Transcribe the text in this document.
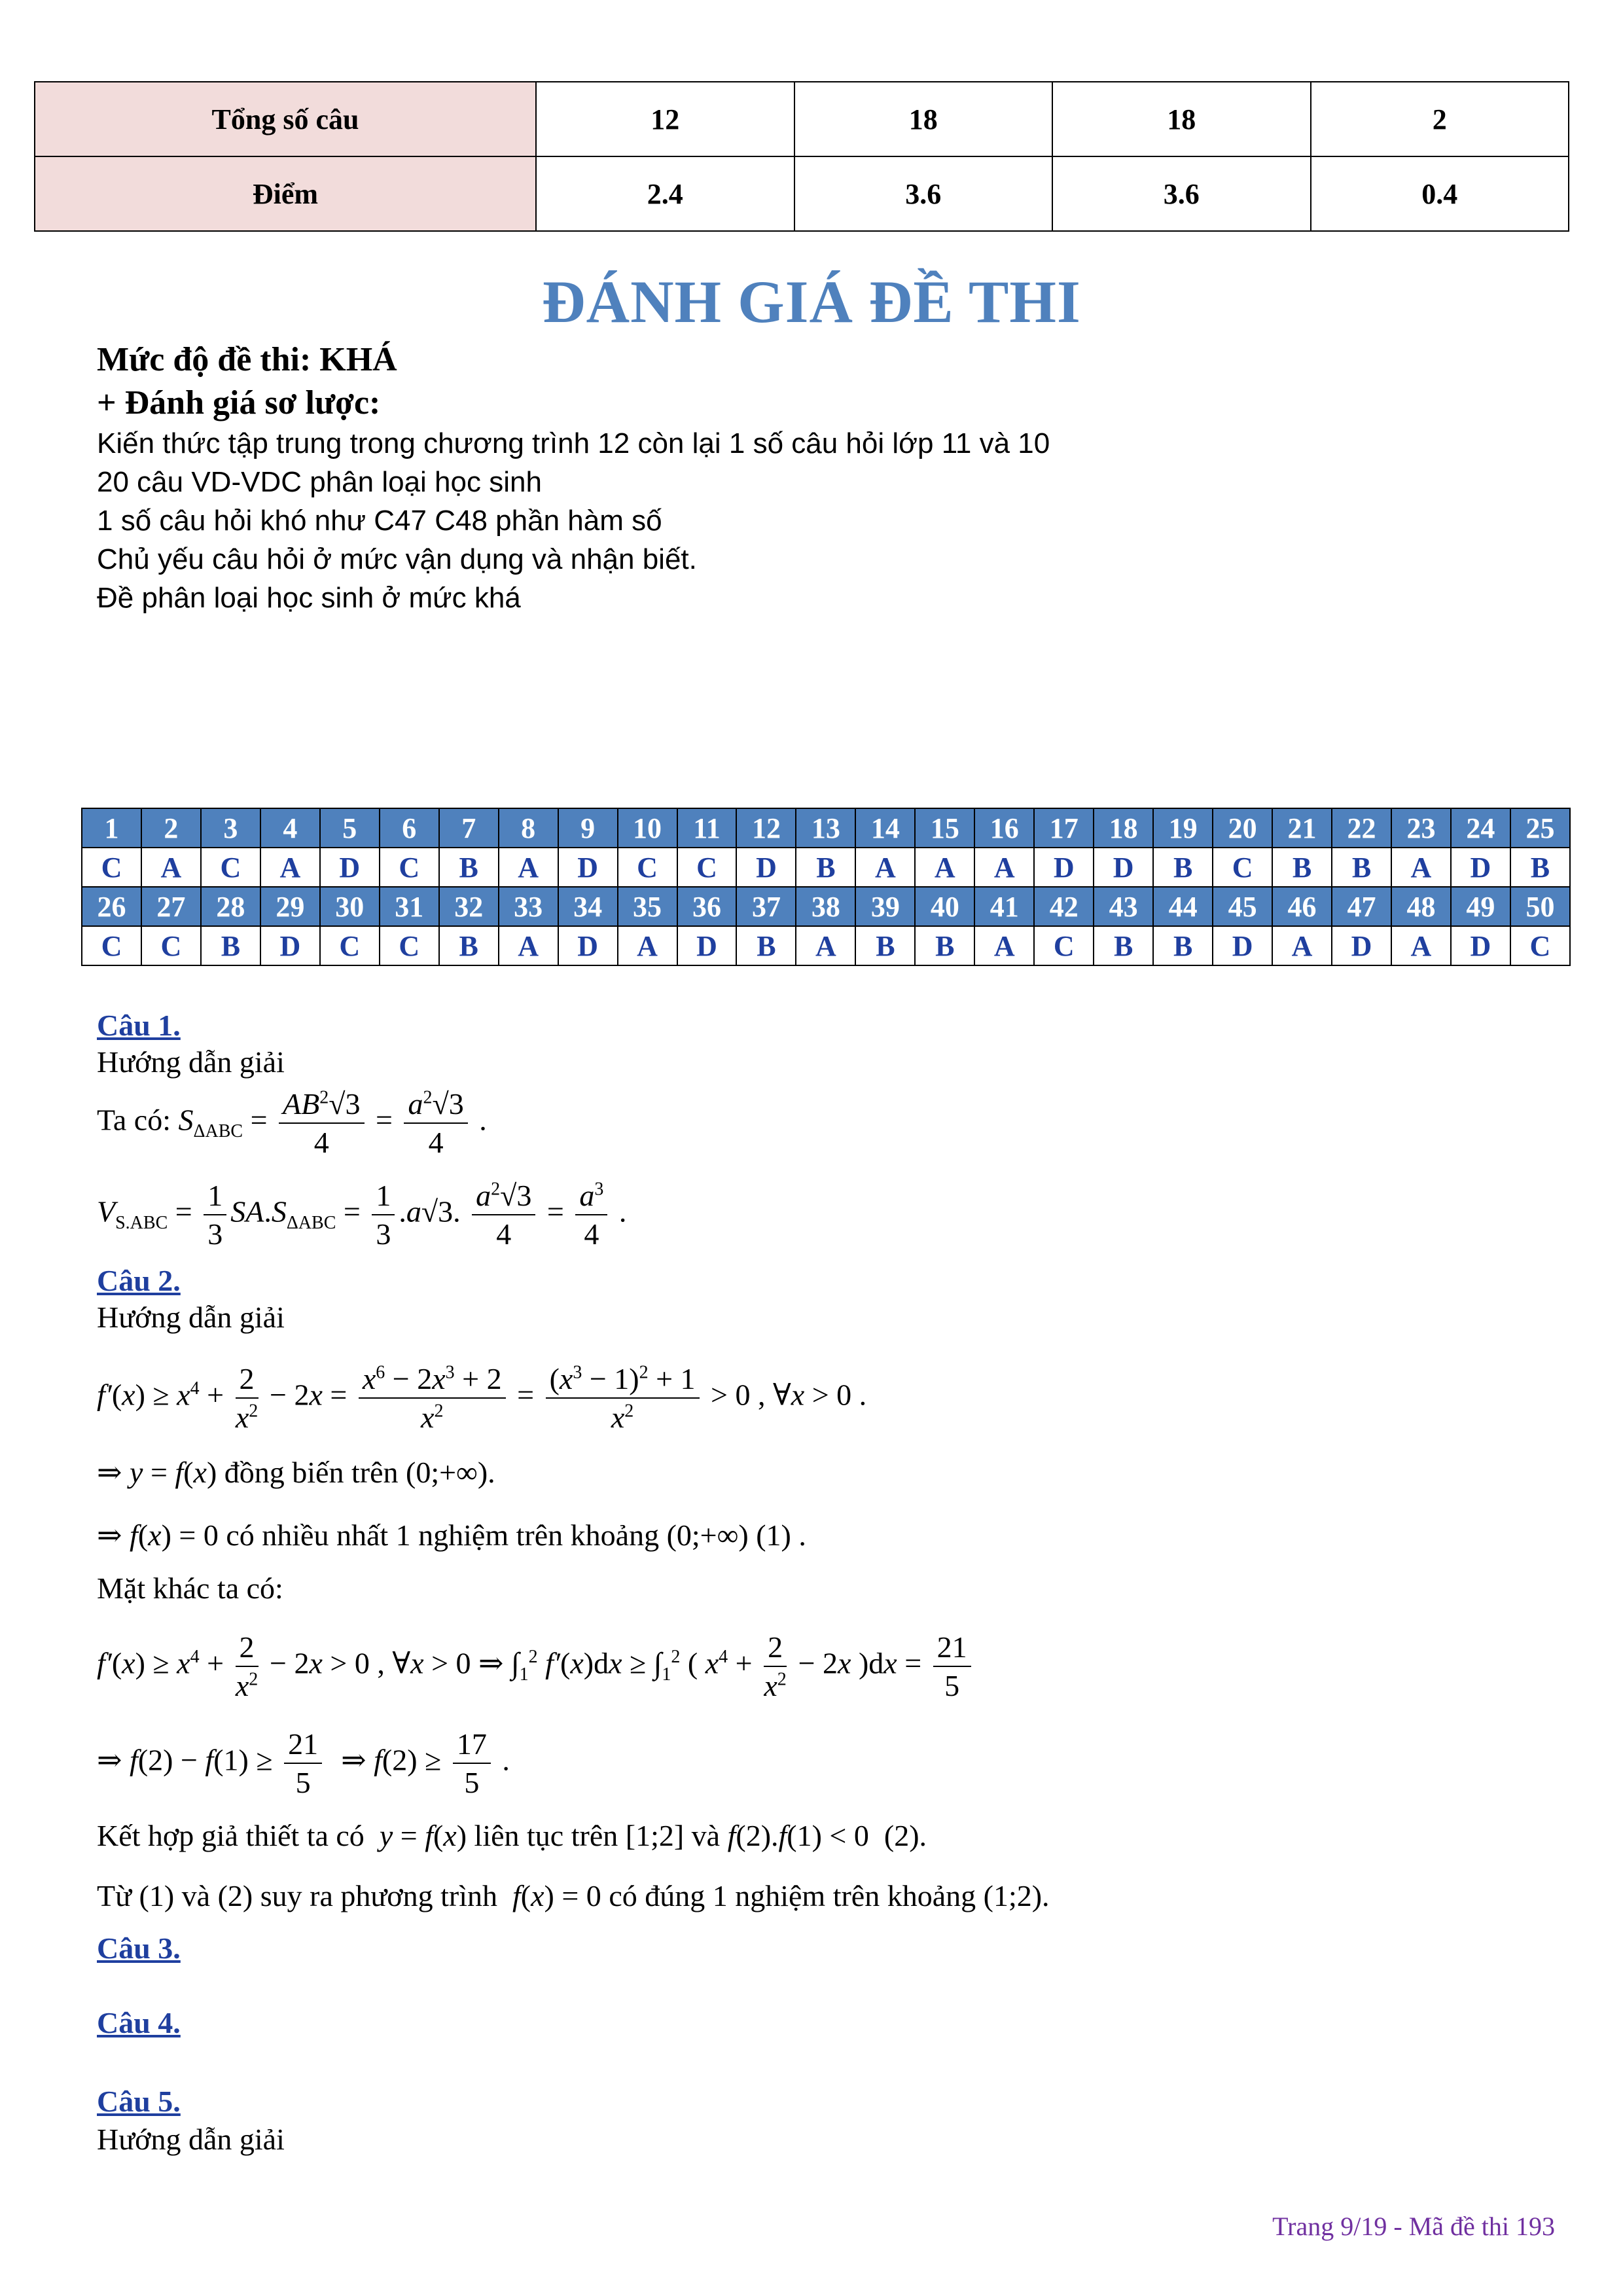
Tổng số câu	12	18	18	2
Điểm	2.4	3.6	3.6	0.4
ĐÁNH GIÁ ĐỀ THI
Mức độ đề thi: KHÁ
+ Đánh giá sơ lược:
Kiến thức tập trung trong chương trình 12 còn lại 1 số câu hỏi lớp 11 và 10
20 câu VD-VDC phân loại học sinh
1 số câu hỏi khó như C47 C48 phần hàm số
Chủ yếu câu hỏi ở mức vận dụng và nhận biết.
Đề phân loại học sinh ở mức khá
1	2	3	4	5	6	7	8	9	10	11	12	13	14	15	16	17	18	19	20	21	22	23	24	25
C	A	C	A	D	C	B	A	D	C	C	D	B	A	A	A	D	D	B	C	B	B	A	D	B
26	27	28	29	30	31	32	33	34	35	36	37	38	39	40	41	42	43	44	45	46	47	48	49	50
C	C	B	D	C	C	B	A	D	A	D	B	A	B	B	A	C	B	B	D	A	D	A	D	C
Câu 1.
Hướng dẫn giải
Ta có: $S_{\Delta ABC} = \frac{AB^2√3}{4} = \frac{a^2√3}{4}$ .
$V_{S.ABC} = \frac{1}{3} SA.S_{\Delta ABC} = \frac{1}{3} .a√3$. $\frac{a^2√3}{4} = \frac{a^3}{4}$ .
Câu 2.
Hướng dẫn giải
$f'(x) \ge x^4 + \frac{2}{x^2} - 2x = \frac{x^6 - 2x^3 + 2}{x^2} = \frac{(x^3 - 1)^2 + 1}{x^2} > 0$ , ∀x > 0 .
⇒ y = f(x) đồng biến trên (0;+∞).
⇒ f(x) = 0 có nhiều nhất 1 nghiệm trên khoảng (0;+∞) (1) .
Mặt khác ta có:
$f'(x) \ge x^4 + \frac{2}{x^2} - 2x > 0$ , ∀x > 0 ⇒ $\int_1^2$ $f'(x)dx \ge \int_1^2$ ( $x^4 + \frac{2}{x^2} - 2x$ )$dx = \frac{21}{5}$
⇒ $f(2) - f(1) \ge \frac{21}{5}$ ⇒ $f(2) \ge \frac{17}{5}$ .
Kết hợp giả thiết ta có y = f(x) liên tục trên [1;2] và f(2).f(1) < 0  (2).
Từ (1) và (2) suy ra phương trình f(x) = 0 có đúng 1 nghiệm trên khoảng (1;2).
Câu 3.
Câu 4.
Câu 5.
Hướng dẫn giải
Trang 9/19 - Mã đề thi 193
